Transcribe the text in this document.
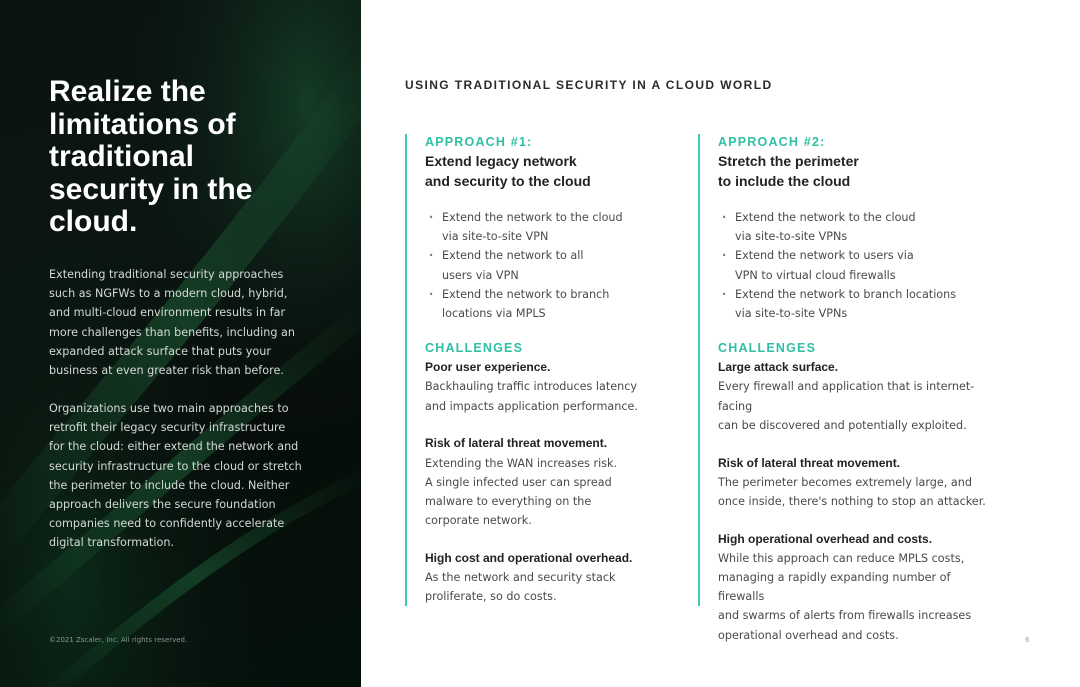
Realize the limitations of traditional security in the cloud.

Extending traditional security approaches such as NGFWs to a modern cloud, hybrid, and multi-cloud environment results in far more challenges than benefits, including an expanded attack surface that puts your business at even greater risk than before.

Organizations use two main approaches to retrofit their legacy security infrastructure for the cloud: either extend the network and security infrastructure to the cloud or stretch the perimeter to include the cloud. Neither approach delivers the secure foundation companies need to confidently accelerate digital transformation.

©2021 Zscaler, Inc. All rights reserved.
USING TRADITIONAL SECURITY IN A CLOUD WORLD

APPROACH #1:

Extend legacy network
and security to the cloud

· Extend the network to the cloud
via site-to-site VPN
· Extend the network to all
users via VPN
· Extend the network to branch
locations via MPLS

CHALLENGES

Poor user experience.

Backhauling traffic introduces latency
and impacts application performance.

Risk of lateral threat movement.

Extending the WAN increases risk.
A single infected user can spread
malware to everything on the
corporate network.

High cost and operational overhead.

As the network and security stack
proliferate, so do costs.

APPROACH #2:

Stretch the perimeter
to include the cloud

· Extend the network to the cloud
via site-to-site VPNs
· Extend the network to users via
VPN to virtual cloud firewalls
· Extend the network to branch locations
via site-to-site VPNs

CHALLENGES

Large attack surface.

Every firewall and application that is internet-facing
can be discovered and potentially exploited.

Risk of lateral threat movement.

The perimeter becomes extremely large, and
once inside, there's nothing to stop an attacker.

High operational overhead and costs.

While this approach can reduce MPLS costs,
managing a rapidly expanding number of firewalls
and swarms of alerts from firewalls increases
operational overhead and costs.	6
